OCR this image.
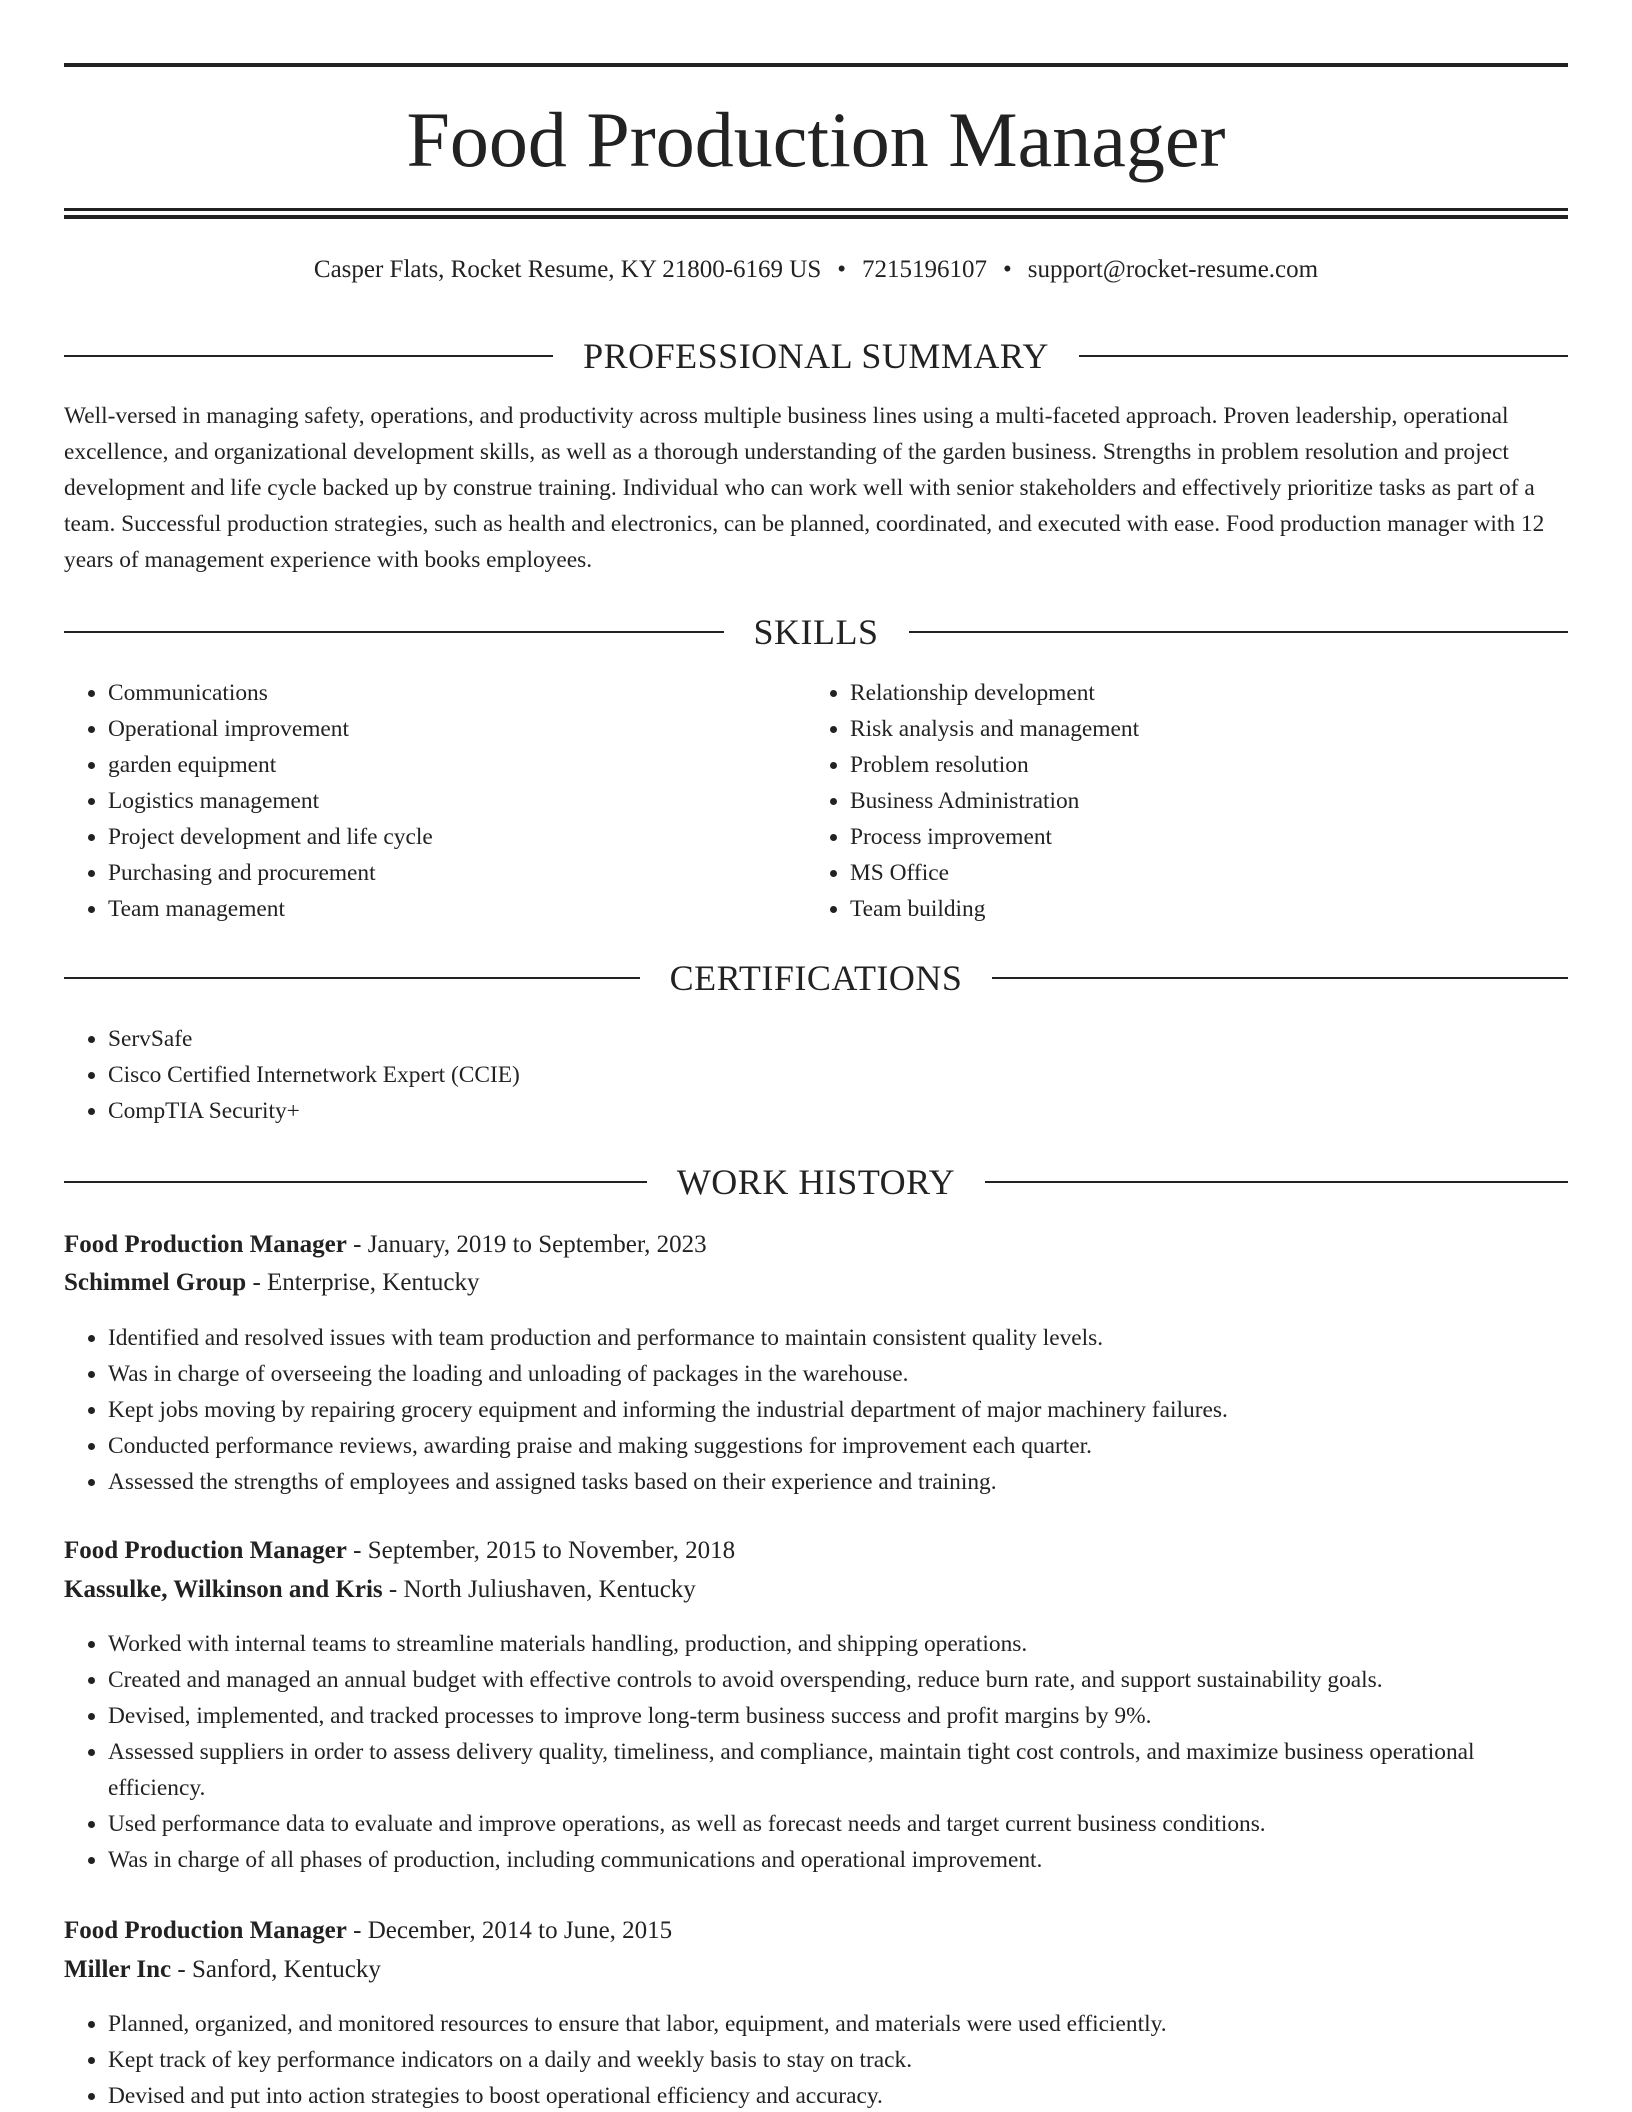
Food Production Manager
Casper Flats, Rocket Resume, KY 21800-6169 US • 7215196107 • support@rocket-resume.com
PROFESSIONAL SUMMARY

Well-versed in managing safety, operations, and productivity across multiple business lines using a multi-faceted approach. Proven leadership, operational excellence, and organizational development skills, as well as a thorough understanding of the garden business. Strengths in problem resolution and project development and life cycle backed up by construe training. Individual who can work well with senior stakeholders and effectively prioritize tasks as part of a team. Successful production strategies, such as health and electronics, can be planned, coordinated, and executed with ease. Food production manager with 12 years of management experience with books employees.

SKILLS
• Communications
• Operational improvement
• garden equipment
• Logistics management
• Project development and life cycle
• Purchasing and procurement
• Team management
• Relationship development
• Risk analysis and management
• Problem resolution
• Business Administration
• Process improvement
• MS Office
• Team building
CERTIFICATIONS
• ServSafe
• Cisco Certified Internetwork Expert (CCIE)
• CompTIA Security+
WORK HISTORY
Food Production Manager - January, 2019 to September, 2023
Schimmel Group - Enterprise, Kentucky
• Identified and resolved issues with team production and performance to maintain consistent quality levels.
• Was in charge of overseeing the loading and unloading of packages in the warehouse.
• Kept jobs moving by repairing grocery equipment and informing the industrial department of major machinery failures.
• Conducted performance reviews, awarding praise and making suggestions for improvement each quarter.
• Assessed the strengths of employees and assigned tasks based on their experience and training.
Food Production Manager - September, 2015 to November, 2018
Kassulke, Wilkinson and Kris - North Juliushaven, Kentucky
• Worked with internal teams to streamline materials handling, production, and shipping operations.
• Created and managed an annual budget with effective controls to avoid overspending, reduce burn rate, and support sustainability goals.
• Devised, implemented, and tracked processes to improve long-term business success and profit margins by 9%.
• Assessed suppliers in order to assess delivery quality, timeliness, and compliance, maintain tight cost controls, and maximize business operational efficiency.
• Used performance data to evaluate and improve operations, as well as forecast needs and target current business conditions.
• Was in charge of all phases of production, including communications and operational improvement.
Food Production Manager - December, 2014 to June, 2015
Miller Inc - Sanford, Kentucky
• Planned, organized, and monitored resources to ensure that labor, equipment, and materials were used efficiently.
• Kept track of key performance indicators on a daily and weekly basis to stay on track.
• Devised and put into action strategies to boost operational efficiency and accuracy.
